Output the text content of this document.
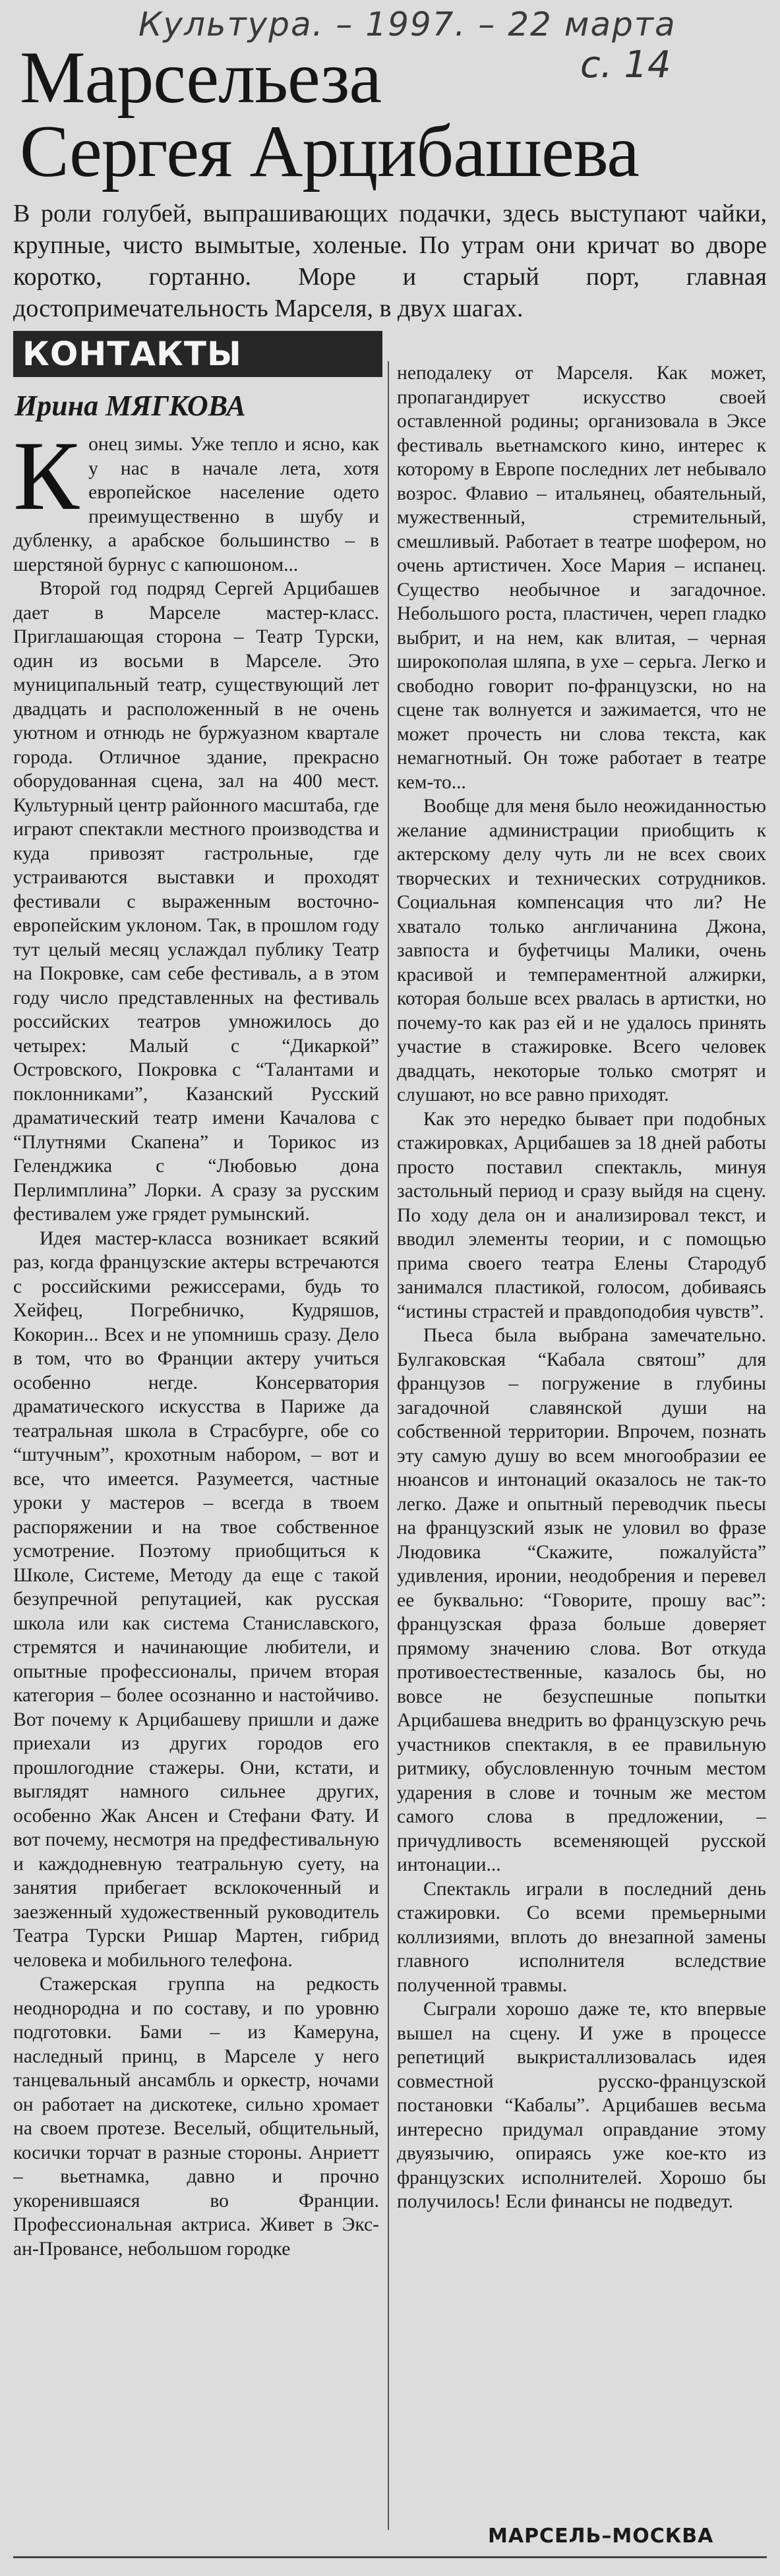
Культура. – 1997. – 22 марта
Марсельеза
Сергея Арцибашева
с. 14
В роли голубей, выпрашивающих подачки, здесь выступают чайки, крупные, чисто вымытые, холеные. По утрам они кричат во дворе коротко, гортанно. Море и старый порт, главная достопримечательность Марселя, в двух шагах.
КОНТАКТЫ
Ирина МЯГКОВА

Конец зимы. Уже тепло и ясно, как у нас в начале лета, хотя европейское население одето преимущественно в шубу и дубленку, а арабское большинство – в шерстяной бурнус с капюшоном...

Второй год подряд Сергей Арцибашев дает в Марселе мастер-класс. Приглашающая сторона – Театр Турски, один из восьми в Марселе. Это муниципальный театр, существующий лет двадцать и расположенный в не очень уютном и отнюдь не буржуазном квартале города. Отличное здание, прекрасно оборудованная сцена, зал на 400 мест. Культурный центр районного масштаба, где играют спектакли местного производства и куда привозят гастрольные, где устраиваются выставки и проходят фестивали с выраженным восточно-европейским уклоном. Так, в прошлом году тут целый месяц услаждал публику Театр на Покровке, сам себе фестиваль, а в этом году число представленных на фестиваль российских театров умножилось до четырех: Малый с “Дикаркой” Островского, Покровка с “Талантами и поклонниками”, Казанский Русский драматический театр имени Качалова с “Плутнями Скапена” и Торикос из Геленджика с “Любовью дона Перлимплина” Лорки. А сразу за русским фестивалем уже грядет румынский.

Идея мастер-класса возникает всякий раз, когда французские актеры встречаются с российскими режиссерами, будь то Хейфец, Погребничко, Кудряшов, Кокорин... Всех и не упомнишь сразу. Дело в том, что во Франции актеру учиться особенно негде. Консерватория драматического искусства в Париже да театральная школа в Страсбурге, обе со “штучным”, крохотным набором, – вот и все, что имеется. Разумеется, частные уроки у мастеров – всегда в твоем распоряжении и на твое собственное усмотрение. Поэтому приобщиться к Школе, Системе, Методу да еще с такой безупречной репутацией, как русская школа или как система Станиславского, стремятся и начинающие любители, и опытные профессионалы, причем вторая категория – более осознанно и настойчиво. Вот почему к Арцибашеву пришли и даже приехали из других городов его прошлогодние стажеры. Они, кстати, и выглядят намного сильнее других, особенно Жак Ансен и Стефани Фату. И вот почему, несмотря на предфестивальную и каждодневную театральную суету, на занятия прибегает всклокоченный и заезженный художественный руководитель Театра Турски Ришар Мартен, гибрид человека и мобильного телефона.

Стажерская группа на редкость неоднородна и по составу, и по уровню подготовки. Бами – из Камеруна, наследный принц, в Марселе у него танцевальный ансамбль и оркестр, ночами он работает на дискотеке, сильно хромает на своем протезе. Веселый, общительный, косички торчат в разные стороны. Анриетт – вьетнамка, давно и прочно укоренившаяся во Франции. Профессиональная актриса. Живет в Экс-ан-Провансе, небольшом городке

неподалеку от Марселя. Как может, пропагандирует искусство своей оставленной родины; организовала в Эксе фестиваль вьетнамского кино, интерес к которому в Европе последних лет небывало возрос. Флавио – итальянец, обаятельный, мужественный, стремительный, смешливый. Работает в театре шофером, но очень артистичен. Хосе Мария – испанец. Существо необычное и загадочное. Небольшого роста, пластичен, череп гладко выбрит, и на нем, как влитая, – черная широкополая шляпа, в ухе – серьга. Легко и свободно говорит по-французски, но на сцене так волнуется и зажимается, что не может прочесть ни слова текста, как немагнотный. Он тоже работает в театре кем-то...

Вообще для меня было неожиданностью желание администрации приобщить к актерскому делу чуть ли не всех своих творческих и технических сотрудников. Социальная компенсация что ли? Не хватало только англичанина Джона, завпоста и буфетчицы Малики, очень красивой и темпераментной алжирки, которая больше всех рвалась в артистки, но почему-то как раз ей и не удалось принять участие в стажировке. Всего человек двадцать, некоторые только смотрят и слушают, но все равно приходят.

Как это нередко бывает при подобных стажировках, Арцибашев за 18 дней работы просто поставил спектакль, минуя застольный период и сразу выйдя на сцену. По ходу дела он и анализировал текст, и вводил элементы теории, и с помощью прима своего театра Елены Стародуб занимался пластикой, голосом, добиваясь “истины страстей и правдоподобия чувств”.

Пьеса была выбрана замечательно. Булгаковская “Кабала святош” для французов – погружение в глубины загадочной славянской души на собственной территории. Впрочем, познать эту самую душу во всем многообразии ее нюансов и интонаций оказалось не так-то легко. Даже и опытный переводчик пьесы на французский язык не уловил во фразе Людовика “Скажите, пожалуйста” удивления, иронии, неодобрения и перевел ее буквально: “Говорите, прошу вас”: французская фраза больше доверяет прямому значению слова. Вот откуда противоестественные, казалось бы, но вовсе не безуспешные попытки Арцибашева внедрить во французскую речь участников спектакля, в ее правильную ритмику, обусловленную точным местом ударения в слове и точным же местом самого слова в предложении, – причудливость всеменяющей русской интонации...

Спектакль играли в последний день стажировки. Со всеми премьерными коллизиями, вплоть до внезапной замены главного исполнителя вследствие полученной травмы.

Сыграли хорошо даже те, кто впервые вышел на сцену. И уже в процессе репетиций выкристаллизовалась идея совместной русско-французской постановки “Кабалы”. Арцибашев весьма интересно придумал оправдание этому двуязычию, опираясь уже кое-кто из французских исполнителей. Хорошо бы получилось! Если финансы не подведут.

МАРСЕЛЬ–МОСКВА
